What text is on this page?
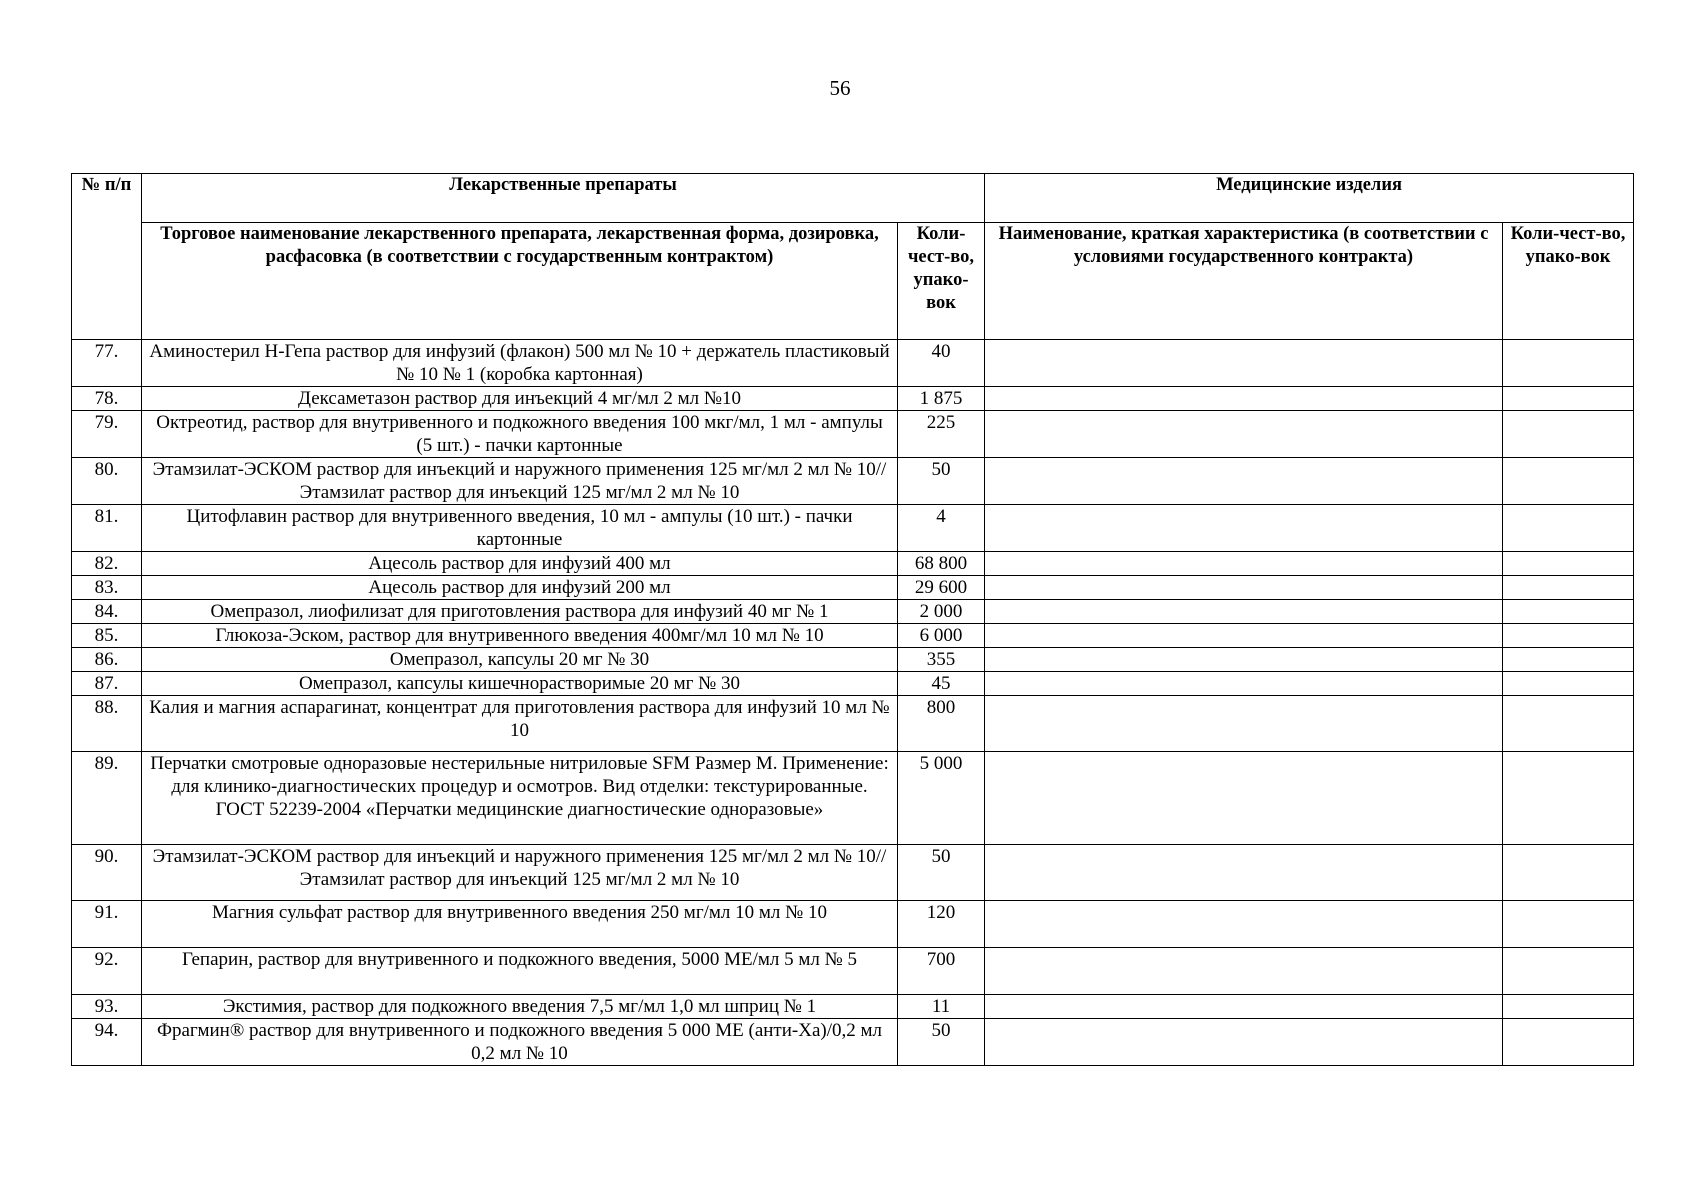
56
№ п/п	Лекарственные препараты		Медицинские изделия	
	Торговое наименование лекарственного препарата, лекарственная форма, дозировка, расфасовка (в соответствии с государственным контрактом)	Коли-чест-во, упако-вок	Наименование, краткая характеристика (в соответствии с условиями государственного контракта)	Коли-чест-во, упако-вок
77.	Аминостерил Н-Гепа раствор для инфузий (флакон) 500 мл № 10 + держатель пластиковый № 10 № 1 (коробка картонная)	40		
78.	Дексаметазон раствор для инъекций 4 мг/мл 2 мл №10	1 875		
79.	Октреотид, раствор для внутривенного и подкожного введения 100 мкг/мл, 1 мл - ампулы (5 шт.) - пачки картонные	225		
80.	Этамзилат-ЭСКОМ раствор для инъекций и наружного применения 125 мг/мл 2 мл № 10//Этамзилат раствор для инъекций 125 мг/мл 2 мл № 10	50		
81.	Цитофлавин раствор для внутривенного введения, 10 мл - ампулы (10 шт.) - пачки картонные	4		
82.	Ацесоль раствор для инфузий 400 мл	68 800		
83.	Ацесоль раствор для инфузий 200 мл	29 600		
84.	Омепразол, лиофилизат для приготовления раствора для инфузий 40 мг № 1	2 000		
85.	Глюкоза-Эском, раствор для внутривенного введения 400мг/мл 10 мл № 10	6 000		
86.	Омепразол, капсулы 20 мг № 30	355		
87.	Омепразол, капсулы кишечнорастворимые 20 мг № 30	45		
88.	Калия и магния аспарагинат, концентрат для приготовления раствора для инфузий 10 мл № 10	800		
89.	Перчатки смотровые одноразовые нестерильные нитриловые SFM Размер М. Применение: для клинико-диагностических процедур и осмотров. Вид отделки: текстурированные. ГОСТ 52239-2004 «Перчатки медицинские диагностические одноразовые»	5 000		
90.	Этамзилат-ЭСКОМ раствор для инъекций и наружного применения 125 мг/мл 2 мл № 10// Этамзилат раствор для инъекций 125 мг/мл 2 мл № 10	50		
91.	Магния сульфат раствор для внутривенного введения 250 мг/мл 10 мл № 10	120		
92.	Гепарин, раствор для внутривенного и подкожного введения, 5000 МЕ/мл 5 мл № 5	700		
93.	Экстимия, раствор для подкожного введения 7,5 мг/мл 1,0 мл шприц № 1	11		
94.	Фрагмин® раствор для внутривенного и подкожного введения 5 000 МЕ (анти-Ха)/0,2 мл 0,2 мл № 10	50		
